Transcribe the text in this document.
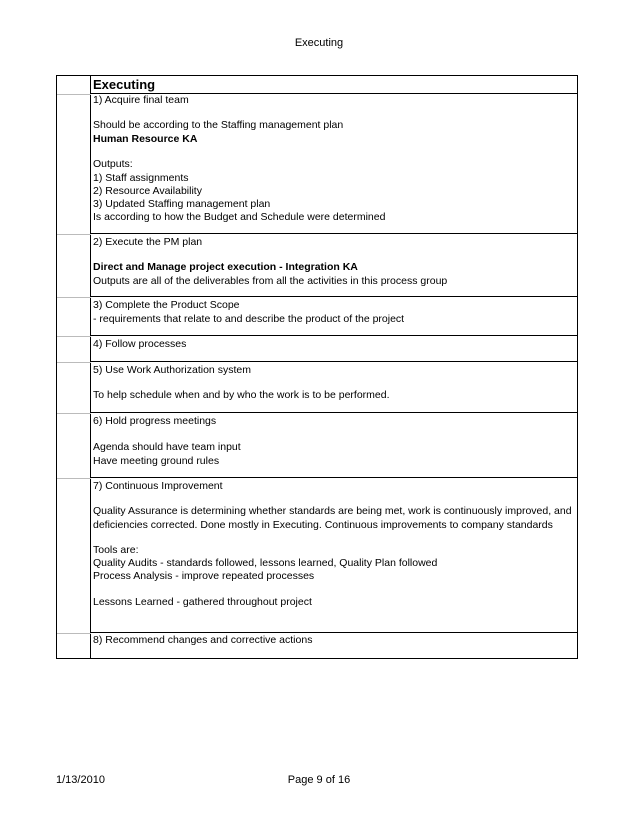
Executing
Executing
1) Acquire final team
Should be according to the Staffing management plan
Human Resource KA
Outputs:
1) Staff assignments
2) Resource Availability
3) Updated Staffing management plan
Is according to how the Budget and Schedule were determined
2) Execute the PM plan
Direct and Manage project execution - Integration KA
Outputs are all of the deliverables from all the activities in this process group
3) Complete the Product Scope
- requirements that relate to and describe the product of the project
4) Follow processes
5) Use Work Authorization system
To help schedule when and by who the work is to be performed.
6) Hold progress meetings
Agenda should have team input
Have meeting ground rules
7) Continuous Improvement
Quality Assurance is determining whether standards are being met, work is continuously improved, and
deficiencies corrected. Done mostly in Executing. Continuous improvements to company standards
Tools are:
Quality Audits - standards followed, lessons learned, Quality Plan followed
Process Analysis - improve repeated processes
Lessons Learned - gathered throughout project
8) Recommend changes and corrective actions
1/13/2010	Page 9 of 16
